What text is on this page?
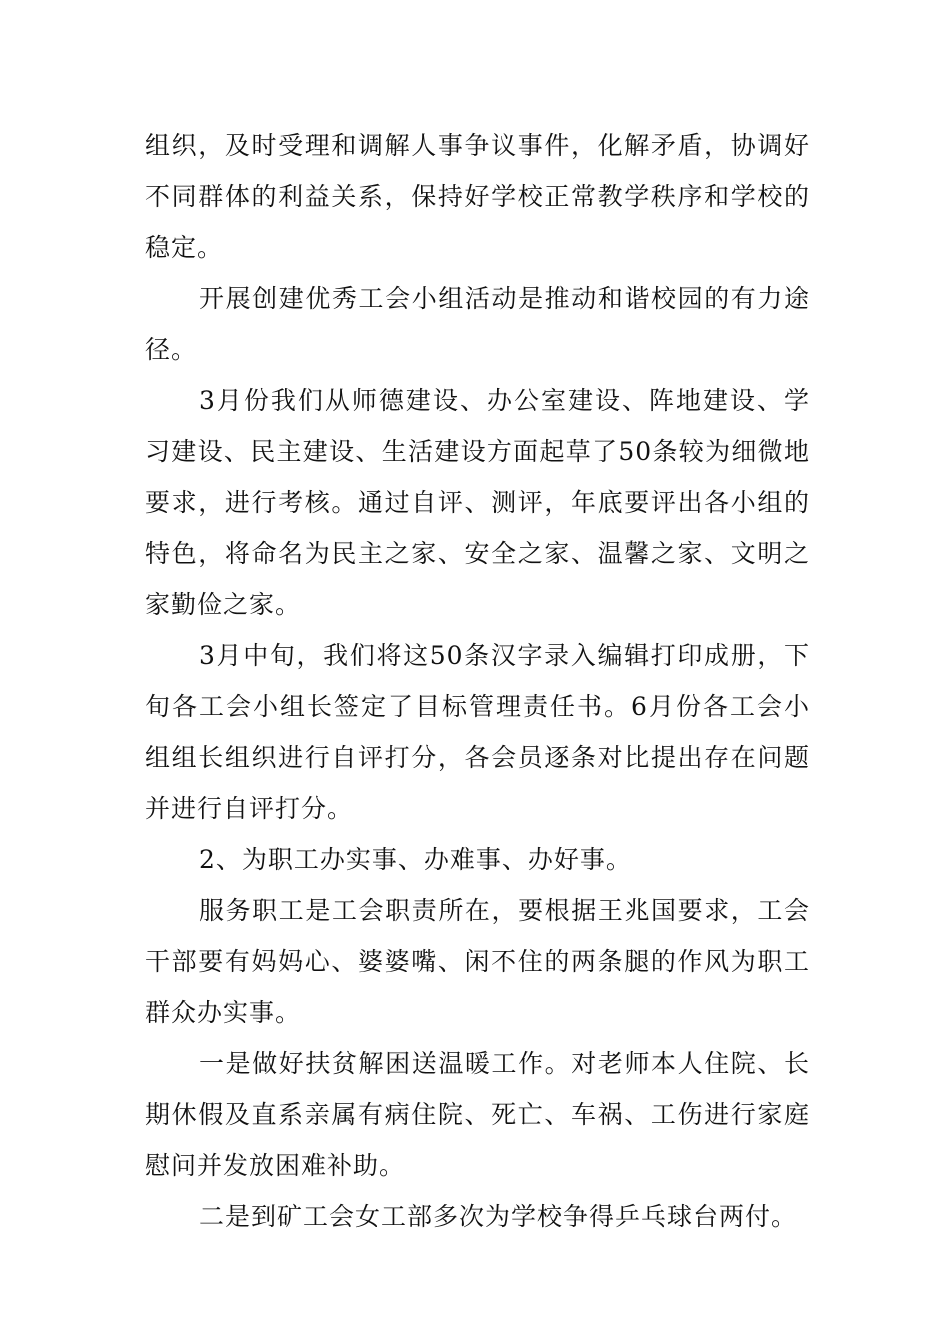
组织，及时受理和调解人事争议事件，化解矛盾，协调好不同群体的利益关系，保持好学校正常教学秩序和学校的稳定。

开展创建优秀工会小组活动是推动和谐校园的有力途径。

3月份我们从师德建设、办公室建设、阵地建设、学习建设、民主建设、生活建设方面起草了50条较为细微地要求，进行考核。通过自评、测评，年底要评出各小组的特色，将命名为民主之家、安全之家、温馨之家、文明之家勤俭之家。

3月中旬，我们将这50条汉字录入编辑打印成册，下旬各工会小组长签定了目标管理责任书。6月份各工会小组组长组织进行自评打分，各会员逐条对比提出存在问题并进行自评打分。

2、为职工办实事、办难事、办好事。

服务职工是工会职责所在，要根据王兆国要求，工会干部要有妈妈心、婆婆嘴、闲不住的两条腿的作风为职工群众办实事。

一是做好扶贫解困送温暖工作。对老师本人住院、长期休假及直系亲属有病住院、死亡、车祸、工伤进行家庭慰问并发放困难补助。

二是到矿工会女工部多次为学校争得乒乓球台两付。
